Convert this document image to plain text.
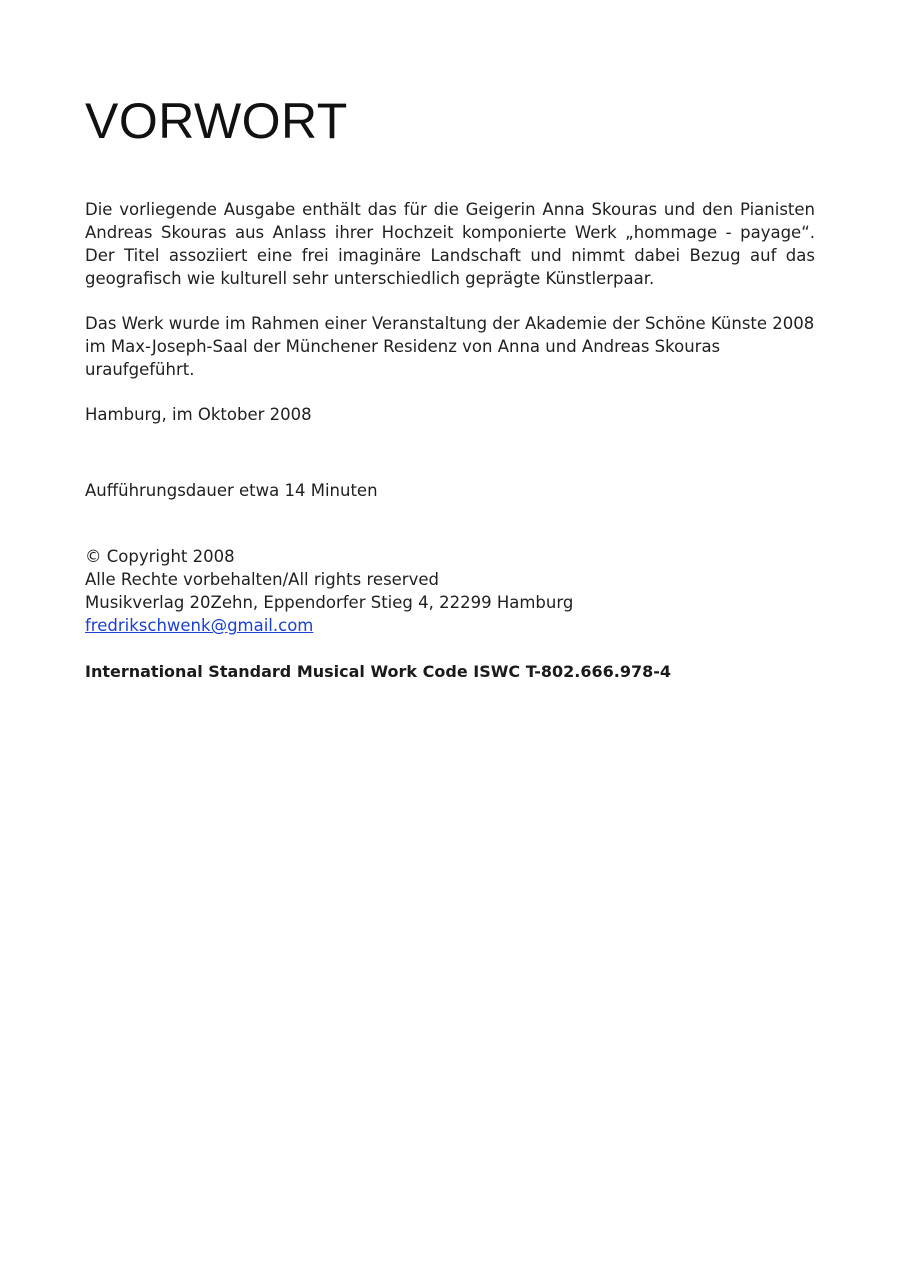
VORWORT

Die vorliegende Ausgabe enthält das für die Geigerin Anna Skouras und den Pianisten Andreas Skouras aus Anlass ihrer Hochzeit komponierte Werk „hommage - payage“. Der Titel assoziiert eine frei imaginäre Landschaft und nimmt dabei Bezug auf das geografisch wie kulturell sehr unterschiedlich geprägte Künstlerpaar.

Das Werk wurde im Rahmen einer Veranstaltung der Akademie der Schöne Künste 2008 im Max-Joseph-Saal der Münchener Residenz von Anna und Andreas Skouras uraufgeführt.

Hamburg, im Oktober 2008

Aufführungsdauer etwa 14 Minuten

© Copyright 2008
Alle Rechte vorbehalten/All rights reserved
Musikverlag 20Zehn, Eppendorfer Stieg 4, 22299 Hamburg
fredrikschwenk@gmail.com

International Standard Musical Work Code ISWC T-802.666.978-4
